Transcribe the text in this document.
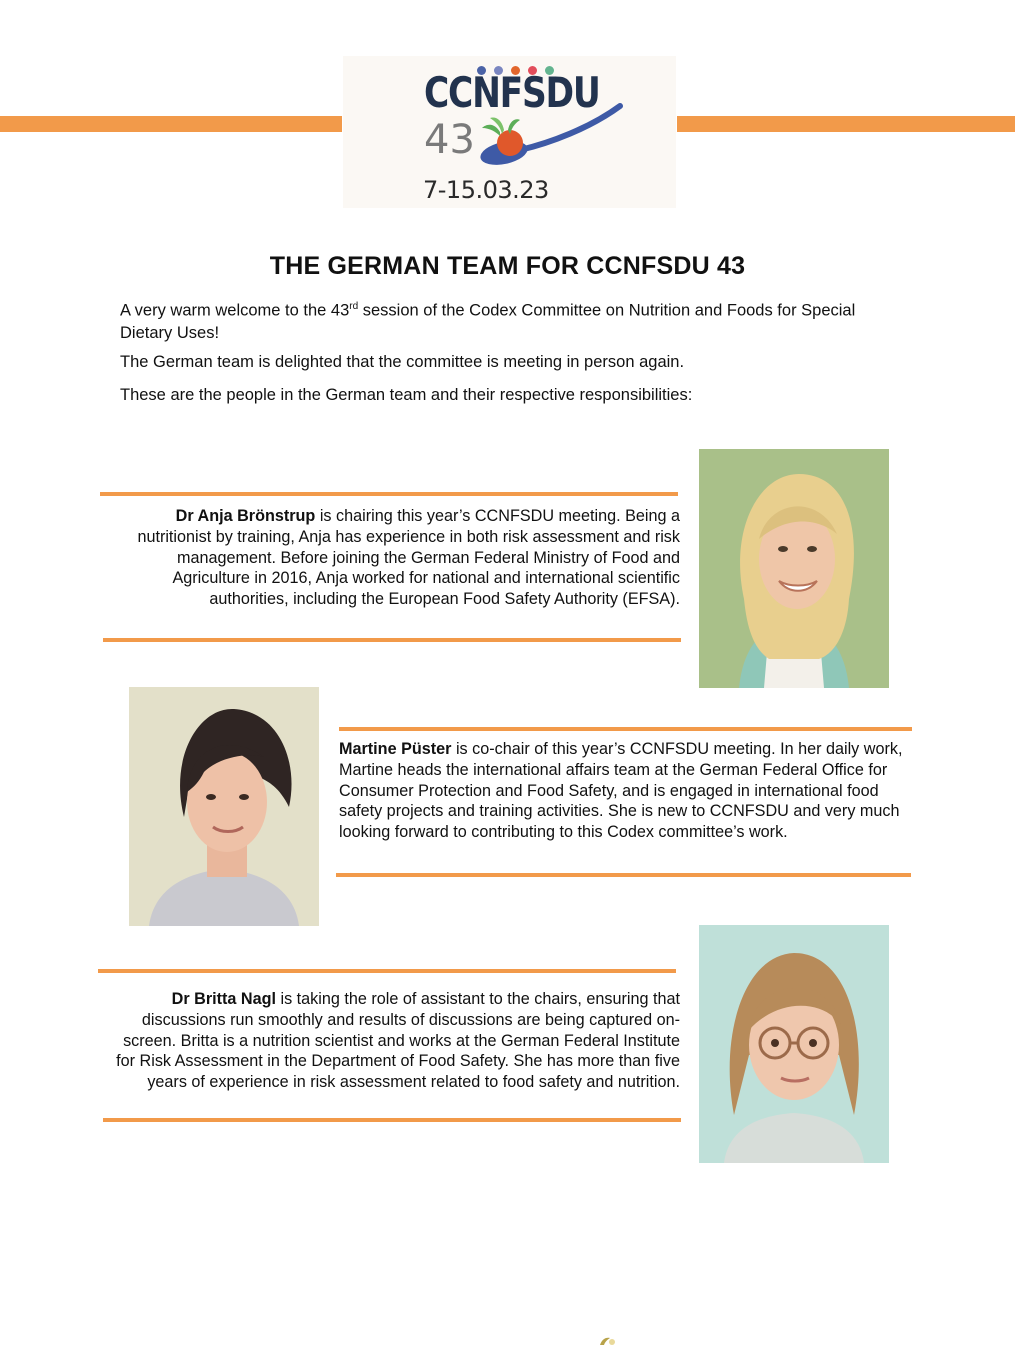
CCNFSDU
43
7-15.03.23
THE GERMAN TEAM FOR CCNFSDU 43
A very warm welcome to the 43rd session of the Codex Committee on Nutrition and Foods for Special Dietary Uses!
The German team is delighted that the committee is meeting in person again.
These are the people in the German team and their respective responsibilities:
Dr Anja Brönstrup is chairing this year’s CCNFSDU meeting. Being a nutritionist by training, Anja has experience in both risk assessment and risk management. Before joining the German Federal Ministry of Food and Agriculture in 2016, Anja worked for national and international scientific authorities, including the European Food Safety Authority (EFSA).
Martine Püster is co-chair of this year’s CCNFSDU meeting. In her daily work, Martine heads the international affairs team at the German Federal Office for Consumer Protection and Food Safety, and is engaged in international food safety projects and training activities. She is new to CCNFSDU and very much looking forward to contributing to this Codex committee’s work.
Dr Britta Nagl is taking the role of assistant to the chairs, ensuring that discussions run smoothly and results of discussions are being captured on-screen. Britta is a nutrition scientist and works at the German Federal Institute for Risk Assessment in the Department of Food Safety. She has more than five years of experience in risk assessment related to food safety and nutrition.
